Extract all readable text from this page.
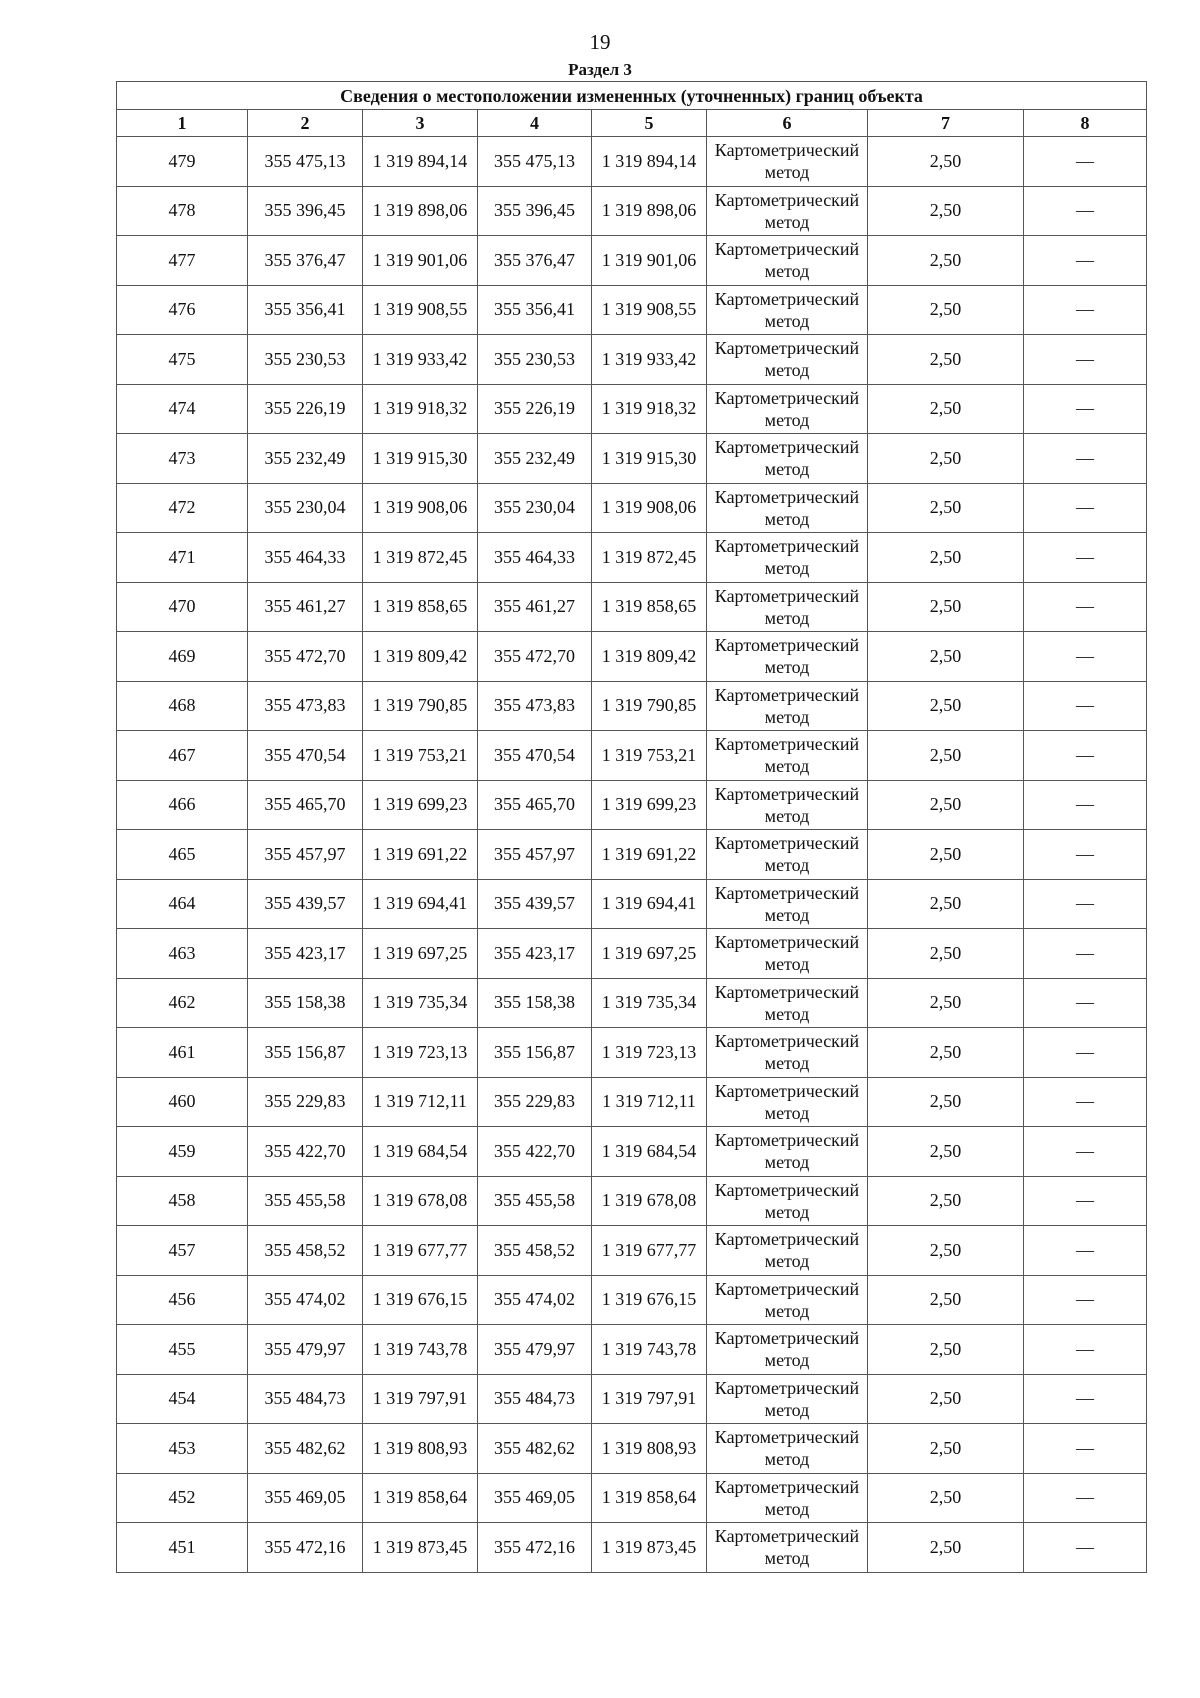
19
Раздел 3
Сведения о местоположении измененных (уточненных) границ объекта							
1	2	3	4	5	6	7	8
479	355 475,13	1 319 894,14	355 475,13	1 319 894,14	Картометрический метод	2,50	—
478	355 396,45	1 319 898,06	355 396,45	1 319 898,06	Картометрический метод	2,50	—
477	355 376,47	1 319 901,06	355 376,47	1 319 901,06	Картометрический метод	2,50	—
476	355 356,41	1 319 908,55	355 356,41	1 319 908,55	Картометрический метод	2,50	—
475	355 230,53	1 319 933,42	355 230,53	1 319 933,42	Картометрический метод	2,50	—
474	355 226,19	1 319 918,32	355 226,19	1 319 918,32	Картометрический метод	2,50	—
473	355 232,49	1 319 915,30	355 232,49	1 319 915,30	Картометрический метод	2,50	—
472	355 230,04	1 319 908,06	355 230,04	1 319 908,06	Картометрический метод	2,50	—
471	355 464,33	1 319 872,45	355 464,33	1 319 872,45	Картометрический метод	2,50	—
470	355 461,27	1 319 858,65	355 461,27	1 319 858,65	Картометрический метод	2,50	—
469	355 472,70	1 319 809,42	355 472,70	1 319 809,42	Картометрический метод	2,50	—
468	355 473,83	1 319 790,85	355 473,83	1 319 790,85	Картометрический метод	2,50	—
467	355 470,54	1 319 753,21	355 470,54	1 319 753,21	Картометрический метод	2,50	—
466	355 465,70	1 319 699,23	355 465,70	1 319 699,23	Картометрический метод	2,50	—
465	355 457,97	1 319 691,22	355 457,97	1 319 691,22	Картометрический метод	2,50	—
464	355 439,57	1 319 694,41	355 439,57	1 319 694,41	Картометрический метод	2,50	—
463	355 423,17	1 319 697,25	355 423,17	1 319 697,25	Картометрический метод	2,50	—
462	355 158,38	1 319 735,34	355 158,38	1 319 735,34	Картометрический метод	2,50	—
461	355 156,87	1 319 723,13	355 156,87	1 319 723,13	Картометрический метод	2,50	—
460	355 229,83	1 319 712,11	355 229,83	1 319 712,11	Картометрический метод	2,50	—
459	355 422,70	1 319 684,54	355 422,70	1 319 684,54	Картометрический метод	2,50	—
458	355 455,58	1 319 678,08	355 455,58	1 319 678,08	Картометрический метод	2,50	—
457	355 458,52	1 319 677,77	355 458,52	1 319 677,77	Картометрический метод	2,50	—
456	355 474,02	1 319 676,15	355 474,02	1 319 676,15	Картометрический метод	2,50	—
455	355 479,97	1 319 743,78	355 479,97	1 319 743,78	Картометрический метод	2,50	—
454	355 484,73	1 319 797,91	355 484,73	1 319 797,91	Картометрический метод	2,50	—
453	355 482,62	1 319 808,93	355 482,62	1 319 808,93	Картометрический метод	2,50	—
452	355 469,05	1 319 858,64	355 469,05	1 319 858,64	Картометрический метод	2,50	—
451	355 472,16	1 319 873,45	355 472,16	1 319 873,45	Картометрический метод	2,50	—
